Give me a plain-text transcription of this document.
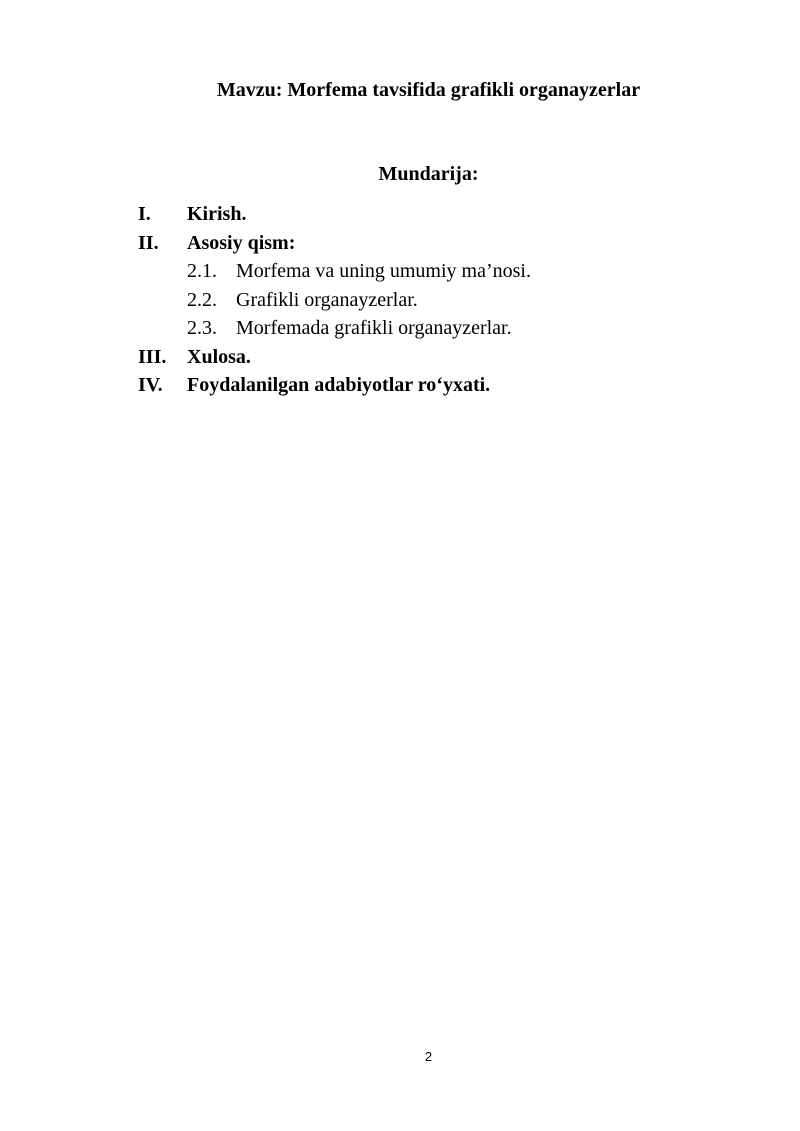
Mavzu: Morfema tavsifida grafikli organayzerlar
Mundarija:
I. Kirish.
II. Asosiy qism:
2.1. Morfema va uning umumiy ma’nosi.
2.2. Grafikli organayzerlar.
2.3. Morfemada grafikli organayzerlar.
III. Xulosa.
IV. Foydalanilgan adabiyotlar ro‘yxati.
2
